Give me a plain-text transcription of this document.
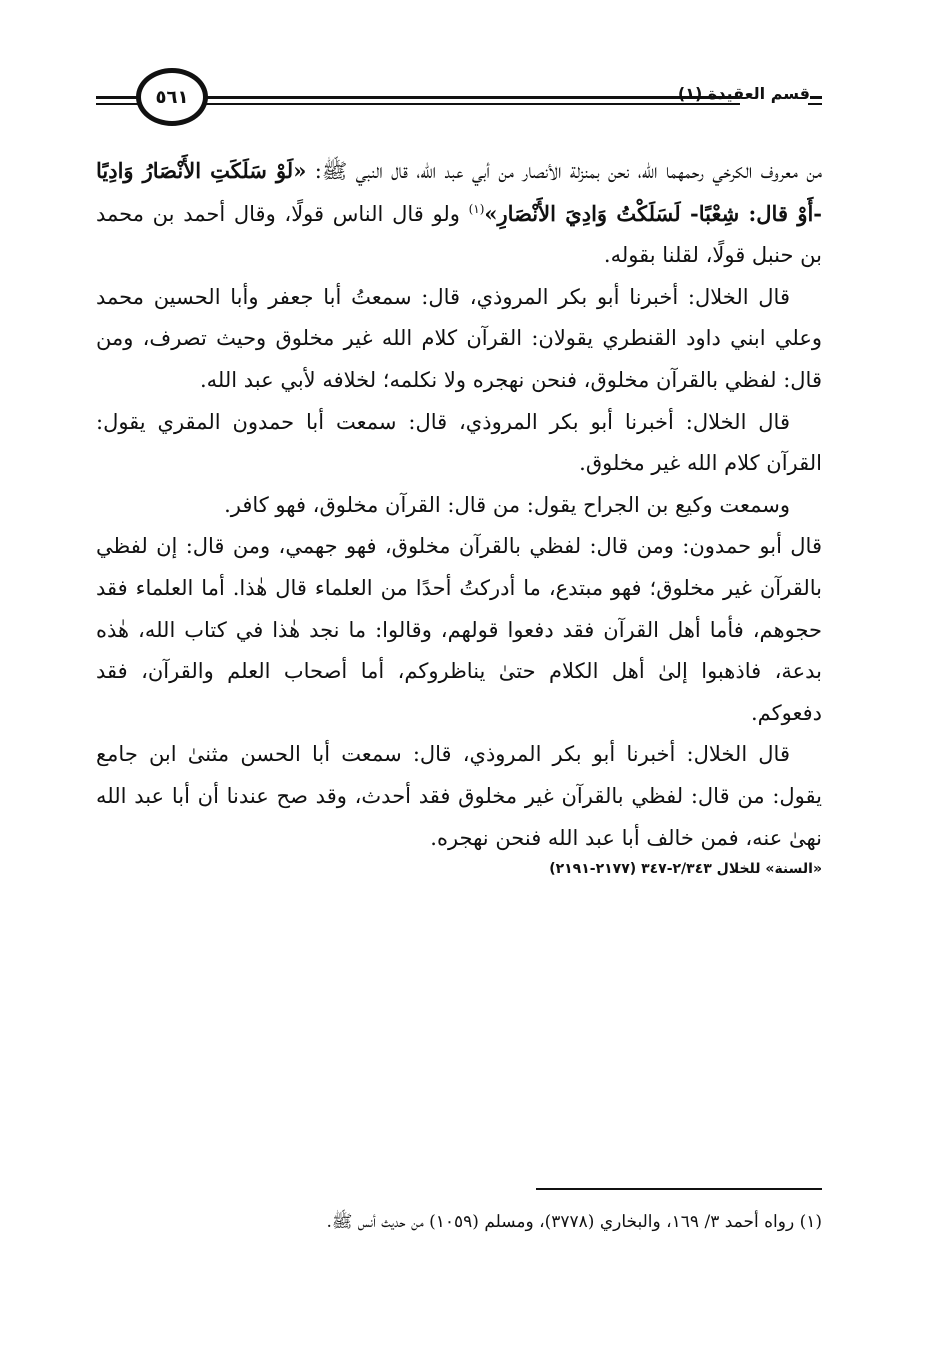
٥٦١	قسم العقيدة (١)

من معروف الكرخي رحمهما الله، نحن بمنزلة الأنصار من أبي عبد الله، قال النبي ﷺ: «لَوْ سَلَكَتِ الأَنْصَارُ وَادِيًا -أَوْ قال: شِعْبًا- لَسَلَكْتُ وَادِيَ الأَنْصَارِ»$^{(١)}$ ولو قال الناس قولًا، وقال أحمد بن محمد بن حنبل قولًا، لقلنا بقوله.

قال الخلال: أخبرنا أبو بكر المروذي، قال: سمعتُ أبا جعفر وأبا الحسين محمد وعلي ابني داود القنطري يقولان: القرآن كلام الله غير مخلوق وحيث تصرف، ومن قال: لفظي بالقرآن مخلوق، فنحن نهجره ولا نكلمه؛ لخلافه لأبي عبد الله.

قال الخلال: أخبرنا أبو بكر المروذي، قال: سمعت أبا حمدون المقري يقول: القرآن كلام الله غير مخلوق.

وسمعت وكيع بن الجراح يقول: من قال: القرآن مخلوق، فهو كافر.

قال أبو حمدون: ومن قال: لفظي بالقرآن مخلوق، فهو جهمي، ومن قال: إن لفظي بالقرآن غير مخلوق؛ فهو مبتدع، ما أدركتُ أحدًا من العلماء قال هٰذا. أما العلماء فقد حجوهم، فأما أهل القرآن فقد دفعوا قولهم، وقالوا: ما نجد هٰذا في كتاب الله، هٰذه بدعة، فاذهبوا إلىٰ أهل الكلام حتىٰ يناظروكم، أما أصحاب العلم والقرآن، فقد دفعوكم.

قال الخلال: أخبرنا أبو بكر المروذي، قال: سمعت أبا الحسن مثنىٰ ابن جامع يقول: من قال: لفظي بالقرآن غير مخلوق فقد أحدث، وقد صح عندنا أن أبا عبد الله نهىٰ عنه، فمن خالف أبا عبد الله فنحن نهجره.

«السنة» للخلال ٢/٣٤٣-٣٤٧ (٢١٧٧-٢١٩١)
(١) رواه أحمد ٣/ ١٦٩، والبخاري (٣٧٧٨)، ومسلم (١٠٥٩) من حديث أنس ﷺ.
